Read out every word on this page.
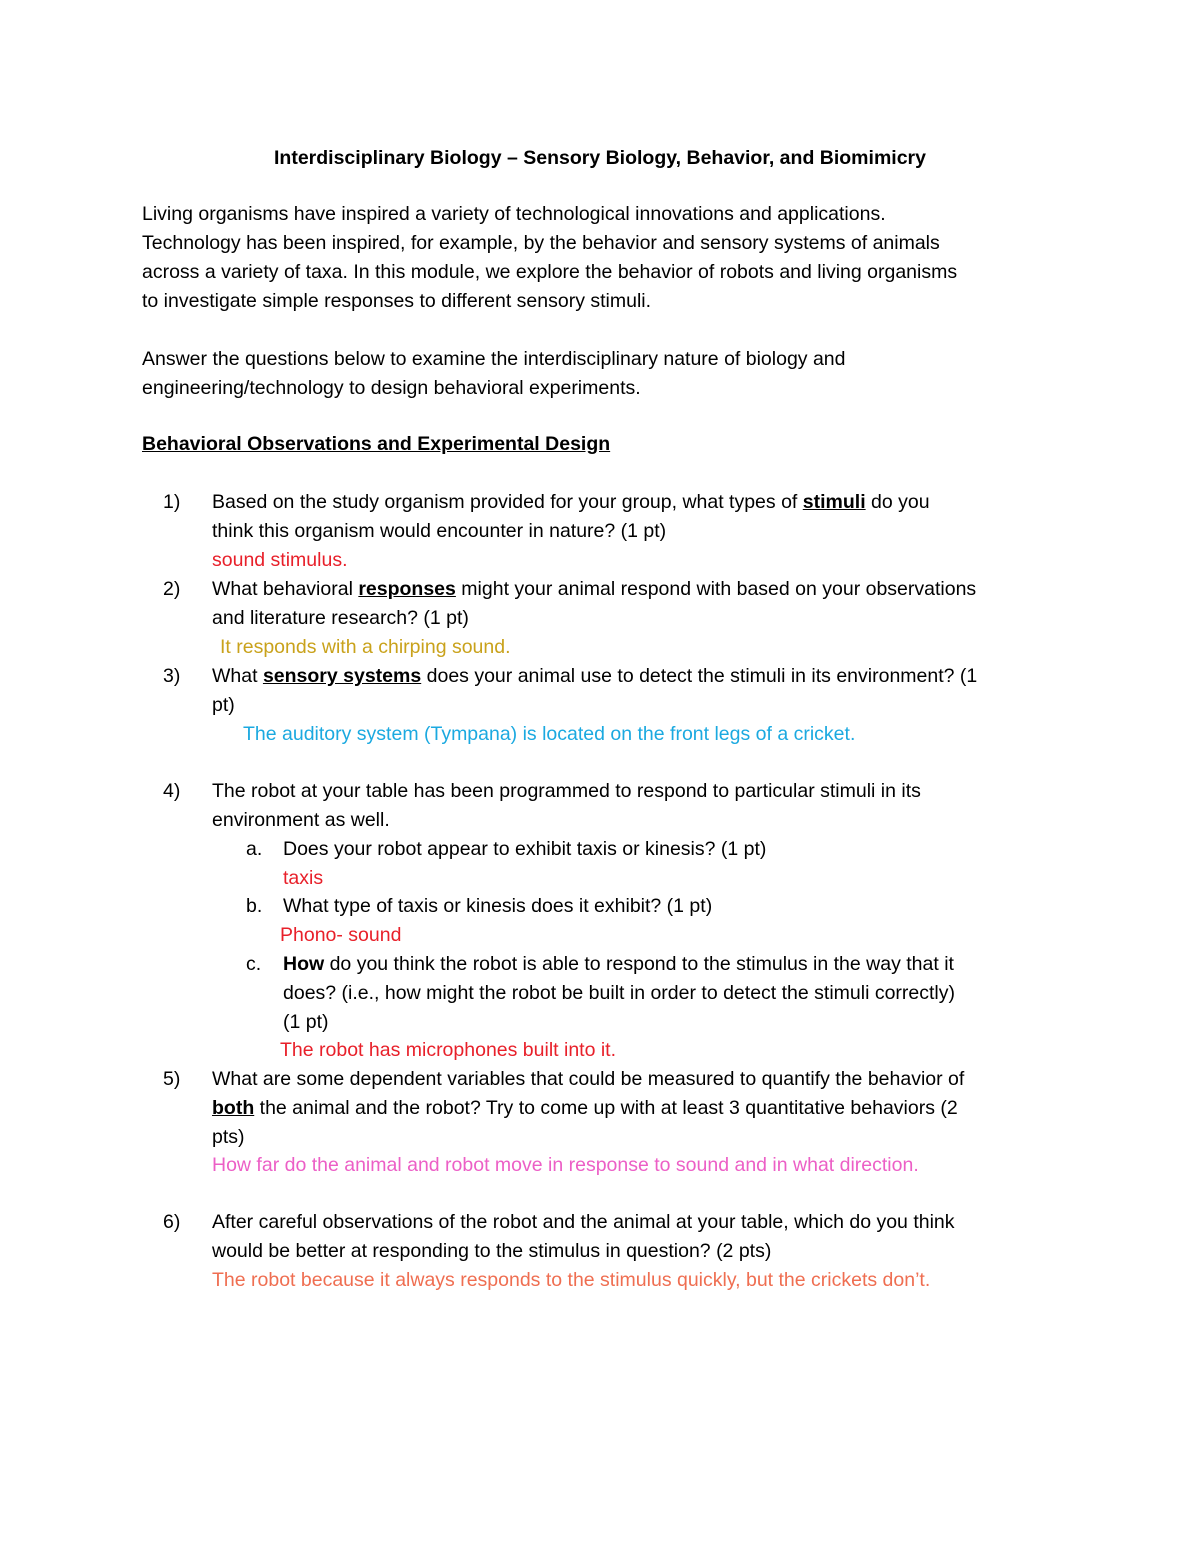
Interdisciplinary Biology – Sensory Biology, Behavior, and Biomimicry
Living organisms have inspired a variety of technological innovations and applications.
Technology has been inspired, for example, by the behavior and sensory systems of animals
across a variety of taxa. In this module, we explore the behavior of robots and living organisms
to investigate simple responses to different sensory stimuli.
Answer the questions below to examine the interdisciplinary nature of biology and
engineering/technology to design behavioral experiments.
Behavioral Observations and Experimental Design
1) Based on the study organism provided for your group, what types of stimuli do you
think this organism would encounter in nature? (1 pt)
sound stimulus.
2) What behavioral responses might your animal respond with based on your observations
and literature research? (1 pt)
It responds with a chirping sound.
3) What sensory systems does your animal use to detect the stimuli in its environment? (1
pt)
The auditory system (Tympana) is located on the front legs of a cricket.
4) The robot at your table has been programmed to respond to particular stimuli in its
environment as well.
a. Does your robot appear to exhibit taxis or kinesis? (1 pt)
taxis
b. What type of taxis or kinesis does it exhibit? (1 pt)
Phono- sound
c. How do you think the robot is able to respond to the stimulus in the way that it
does? (i.e., how might the robot be built in order to detect the stimuli correctly)
(1 pt)
The robot has microphones built into it.
5) What are some dependent variables that could be measured to quantify the behavior of
both the animal and the robot? Try to come up with at least 3 quantitative behaviors (2
pts)
How far do the animal and robot move in response to sound and in what direction.
6) After careful observations of the robot and the animal at your table, which do you think
would be better at responding to the stimulus in question? (2 pts)
The robot because it always responds to the stimulus quickly, but the crickets don’t.
